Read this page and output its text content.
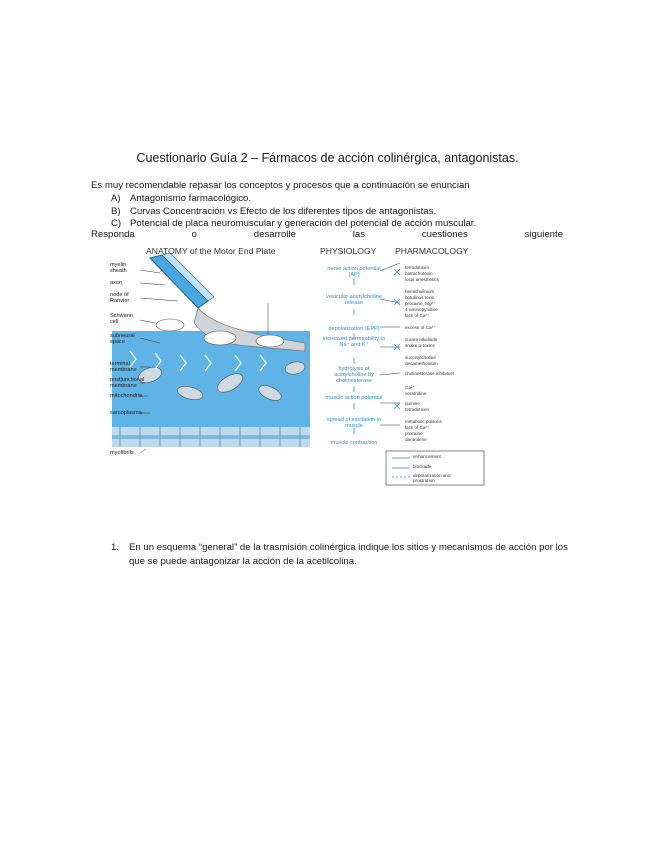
Cuestionario Guía 2 – Fármacos de acción colinérgica, antagonistas.
Es muy recomendable repasar los conceptos y procesos que a continuación se enuncian
A) Antagonismo farmacológico.
B) Curvas Concentración vs Efecto de los diferentes tipos de antagonistas.
C) Potencial de placa neuromuscular y generación del potencial de acción muscular.
Responda	o	desarrolle	las	cuestiones	siguiente
ANATOMY of the Motor End Plate	PHYSIOLOGY PHARMACOLOGY
myelin sheath
axon
node of Ranvier
Schwann cell
subneural space
terminal membrane
postjunctional membrane
mitochondria
sarcoplasma
myofibrils
nerve action potential (AP)
vesicular acetylcholine release
depolarization (EPP)
increased permeability to Na⁺ and K⁺
hydrolysis of acetylcholine by cholinesterase
muscle action potential
spread of excitation in muscle
muscle contraction
tetrodotoxin
batrachotoxin
local anesthetics
hemicholinium
botulinus toxin
procaine, Mg²⁺
4-aminopyridine
lack of Ca²⁺
excess of Ca²⁺
curare alkaloids
snake α-toxins
succinylcholine
decamethonium
cholinesterase inhibitors
Ca²⁺
veratridine
quinine
tetrodotoxin
metabolic poisons
lack of Ca²⁺
procaine
dantrolene
enhancement
blockade
depolarization and prostration
1. En un esquema “general” de la trasmisión colinérgica indique los sitios y mecanismos de acción por los que se puede antagonizar la acción de la acetilcolina.
